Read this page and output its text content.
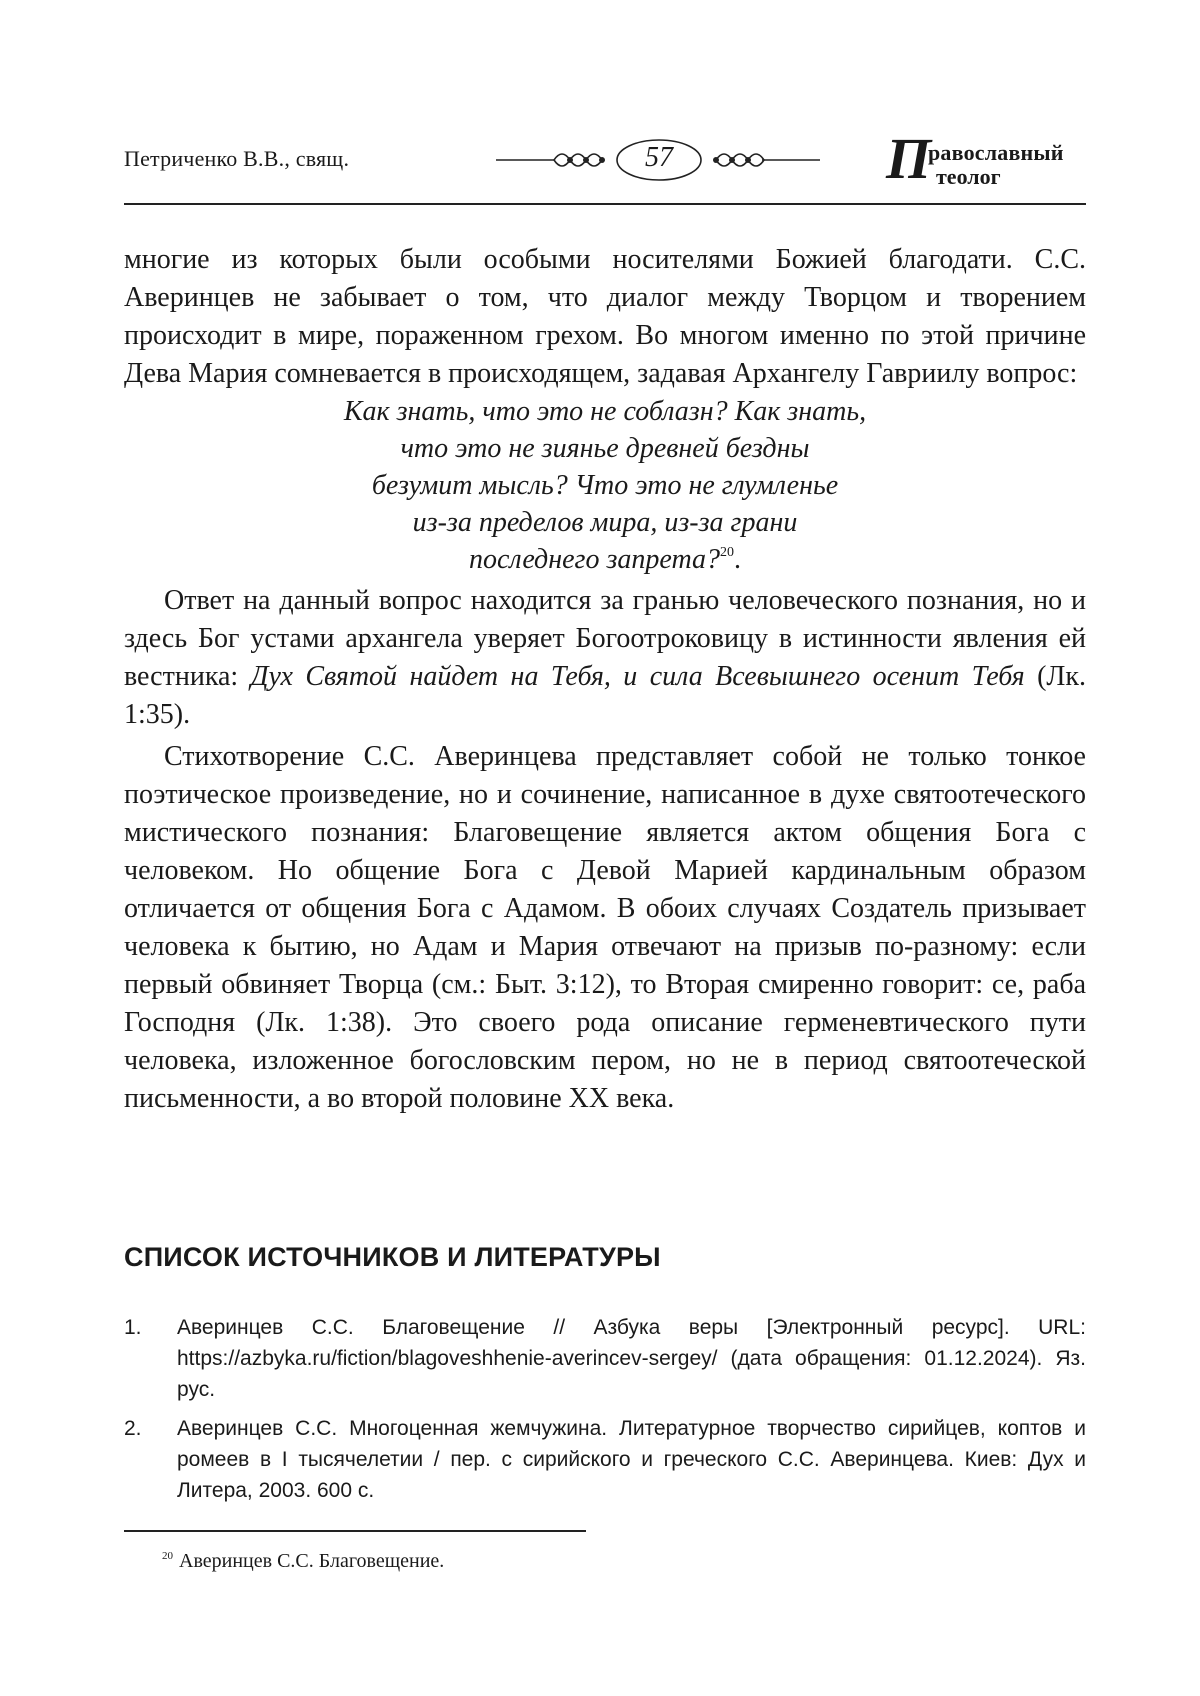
Петриченко В.В., свящ.	57	П
равославный
теолог

многие из которых были особыми носителями Божией благодати. С.С. Аверинцев не забывает о том, что диалог между Творцом и творением происходит в мире, пораженном грехом. Во многом именно по этой причине Дева Мария сомневается в происходящем, задавая Архангелу Гавриилу вопрос:

Как знать, что это не соблазн? Как знать,
что это не зиянье древней бездны
безумит мысль? Что это не глумленье
из-за пределов мира, из-за грани
последнего запрета?$^{20}$.

Ответ на данный вопрос находится за гранью человеческого познания, но и здесь Бог устами архангела уверяет Богоотроковицу в истинности явления ей вестника: Дух Святой найдет на Тебя, и сила Всевышнего осенит Тебя (Лк. 1:35).

Стихотворение С.С. Аверинцева представляет собой не только тонкое поэтическое произведение, но и сочинение, написанное в духе святоотеческого мистического познания: Благовещение является актом общения Бога с человеком. Но общение Бога с Девой Марией кардинальным образом отличается от общения Бога с Адамом. В обоих случаях Создатель призывает человека к бытию, но Адам и Мария отвечают на призыв по-разному: если первый обвиняет Творца (см.: Быт. 3:12), то Вторая смиренно говорит: се, раба Господня (Лк. 1:38). Это своего рода описание герменевтического пути человека, изложенное богословским пером, но не в период святоотеческой письменности, а во второй половине XX века.

СПИСОК ИСТОЧНИКОВ И ЛИТЕРАТУРЫ
1. Аверинцев С.С. Благовещение // Азбука веры [Электронный ресурс]. URL: https://azbyka.ru/fiction/blagoveshhenie-averincev-sergey/ (дата обращения: 01.12.2024). Яз. рус.
2. Аверинцев С.С. Многоценная жемчужина. Литературное творчество сирийцев, коптов и ромеев в I тысячелетии / пер. с сирийского и греческого С.С. Аверинцева. Киев: Дух и Литера, 2003. 600 с.
$^{20}$ Аверинцев С.С. Благовещение.
